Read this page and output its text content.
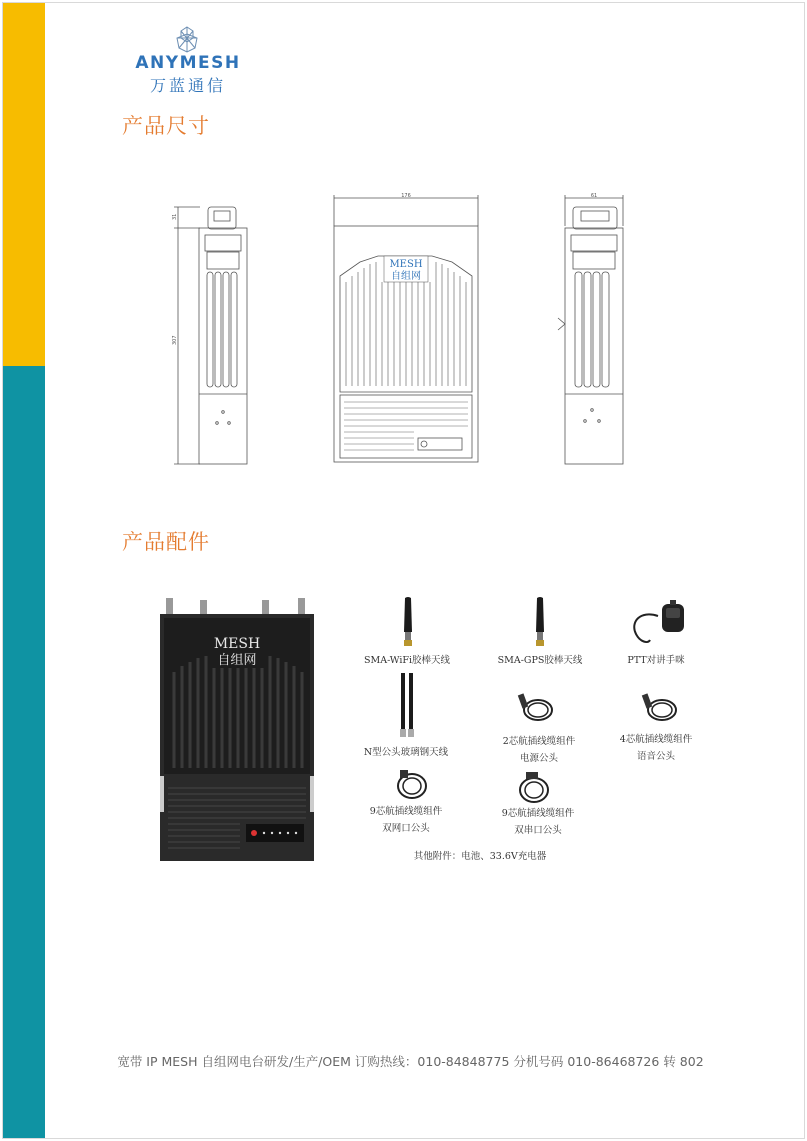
ANYMESH
万蓝通信
产品尺寸
307
31
MESH
自组网
176	61
产品配件
MESH
自组网	SMA-WiFi胶棒天线	SMA-GPS胶棒天线	PTT对讲手咪
N型公头玻璃钢天线
2芯航插线缆组件
电源公头
4芯航插线缆组件
语音公头
9芯航插线缆组件
双网口公头
9芯航插线缆组件
双串口公头
其他附件：电池、33.6V充电器
宽带 IP MESH 自组网电台研发/生产/OEM 订购热线：010-84848775 分机号码 010-86468726 转 802
